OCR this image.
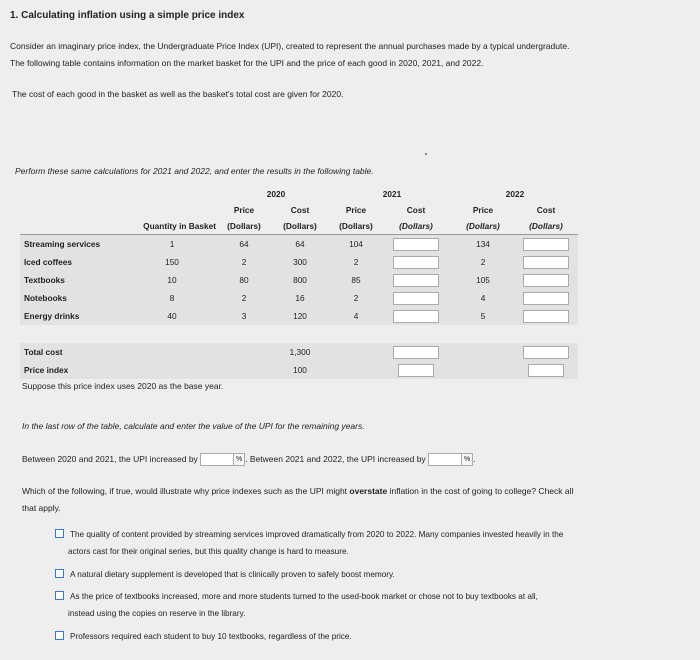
1. Calculating inflation using a simple price index
Consider an imaginary price index, the Undergraduate Price Index (UPI), created to represent the annual purchases made by a typical undergradute.
The following table contains information on the market basket for the UPI and the price of each good in 2020, 2021, and 2022.
The cost of each good in the basket as well as the basket's total cost are given for 2020.
Perform these same calculations for 2021 and 2022, and enter the results in the following table.
		2020		2021		2022	
		Price	Cost	Price	Cost	Price	Cost
	Quantity in Basket	(Dollars)	(Dollars)	(Dollars)	(Dollars)	(Dollars)	(Dollars)
Streaming services	1	64	64	104		134	
Iced coffees	150	2	300	2		2	
Textbooks	10	80	800	85		105	
Notebooks	8	2	16	2		4	
Energy drinks	40	3	120	4		5	

Total cost			1,300				
Price index			100				
Suppose this price index uses 2020 as the base year.
In the last row of the table, calculate and enter the value of the UPI for the remaining years.
Between 2020 and 2021, the UPI increased by	% . Between 2021 and 2022, the UPI increased by	% .
Which of the following, if true, would illustrate why price indexes such as the UPI might overstate inflation in the cost of going to college? Check all
that apply.
The quality of content provided by streaming services improved dramatically from 2020 to 2022. Many companies invested heavily in the
actors cast for their original series, but this quality change is hard to measure.
A natural dietary supplement is developed that is clinically proven to safely boost memory.
As the price of textbooks increased, more and more students turned to the used-book market or chose not to buy textbooks at all,
instead using the copies on reserve in the library.
Professors required each student to buy 10 textbooks, regardless of the price.
